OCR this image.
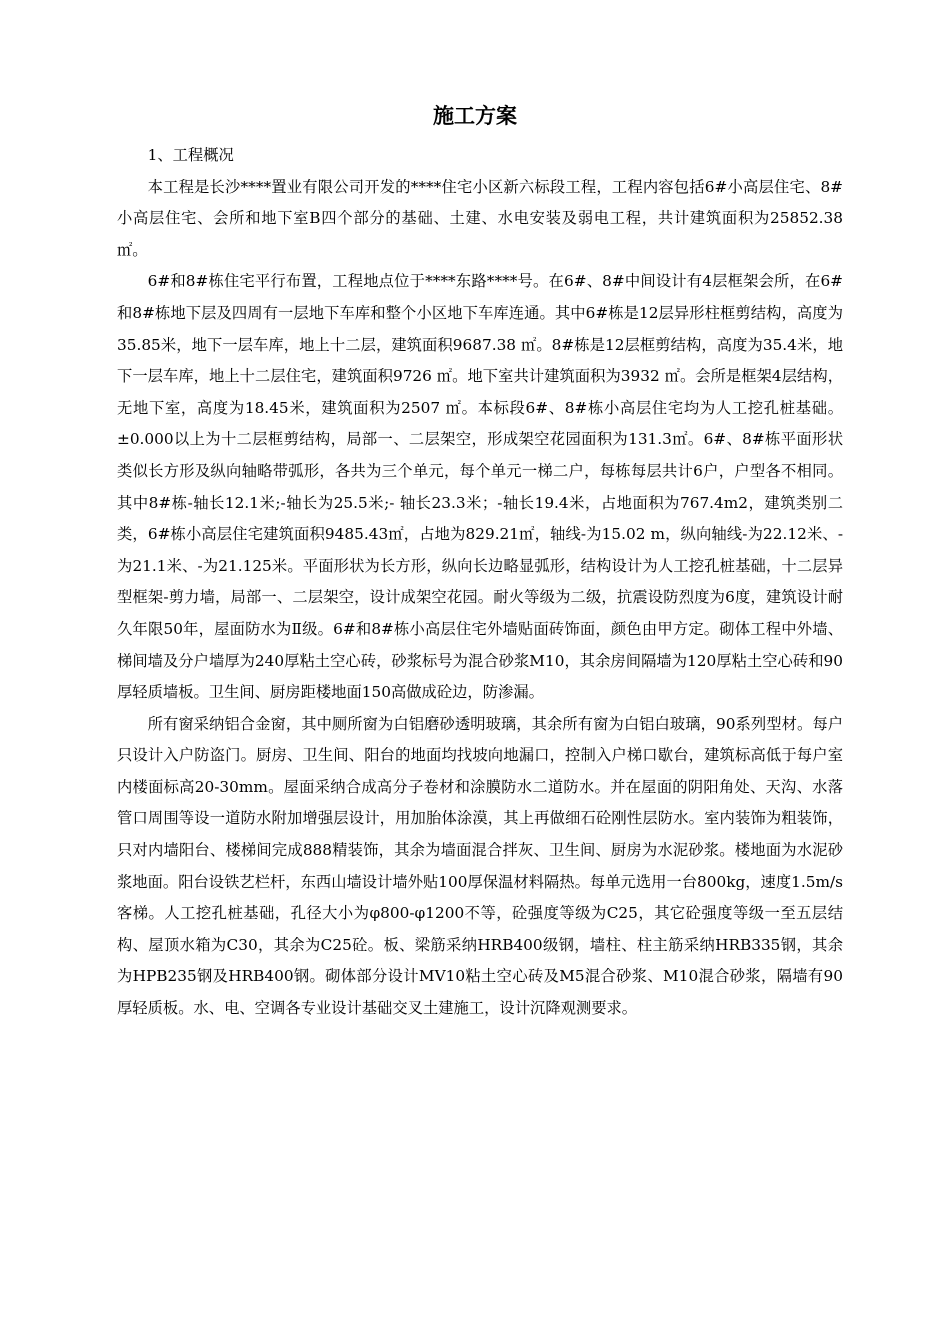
施工方案
1、工程概况

本工程是长沙****置业有限公司开发的****住宅小区新六标段工程，工程内容包括6#小高层住宅、8#小高层住宅、会所和地下室B四个部分的基础、土建、水电安装及弱电工程，共计建筑面积为25852.38㎡。

6#和8#栋住宅平行布置，工程地点位于****东路****号。在6#、8#中间设计有4层框架会所，在6#和8#栋地下层及四周有一层地下车库和整个小区地下车库连通。其中6#栋是12层异形柱框剪结构，高度为35.85米，地下一层车库，地上十二层，建筑面积9687.38 ㎡。8#栋是12层框剪结构，高度为35.4米，地下一层车库，地上十二层住宅，建筑面积9726 ㎡。地下室共计建筑面积为3932 ㎡。会所是框架4层结构，无地下室，高度为18.45米，建筑面积为2507 ㎡。本标段6#、8#栋小高层住宅均为人工挖孔桩基础。±0.000以上为十二层框剪结构，局部一、二层架空，形成架空花园面积为131.3㎡。6#、8#栋平面形状类似长方形及纵向轴略带弧形，各共为三个单元，每个单元一梯二户，每栋每层共计6户，户型各不相同。其中8#栋-轴长12.1米;-轴长为25.5米;- 轴长23.3米；-轴长19.4米，占地面积为767.4m2，建筑类别二类，6#栋小高层住宅建筑面积9485.43㎡，占地为829.21㎡，轴线-为15.02 m，纵向轴线-为22.12米、-为21.1米、-为21.125米。平面形状为长方形，纵向长边略显弧形，结构设计为人工挖孔桩基础，十二层异型框架-剪力墙，局部一、二层架空，设计成架空花园。耐火等级为二级，抗震设防烈度为6度，建筑设计耐久年限50年，屋面防水为Ⅱ级。6#和8#栋小高层住宅外墙贴面砖饰面，颜色由甲方定。砌体工程中外墙、梯间墙及分户墙厚为240厚粘土空心砖，砂浆标号为混合砂浆M10，其余房间隔墙为120厚粘土空心砖和90厚轻质墙板。卫生间、厨房距楼地面150高做成砼边，防渗漏。

所有窗采纳铝合金窗，其中厕所窗为白铝磨砂透明玻璃，其余所有窗为白铝白玻璃，90系列型材。每户只设计入户防盗门。厨房、卫生间、阳台的地面均找坡向地漏口，控制入户梯口歇台，建筑标高低于每户室内楼面标高20-30mm。屋面采纳合成高分子卷材和涂膜防水二道防水。并在屋面的阴阳角处、天沟、水落管口周围等设一道防水附加增强层设计，用加胎体涂漠，其上再做细石砼刚性层防水。室内装饰为粗装饰，只对内墙阳台、楼梯间完成888精装饰，其余为墙面混合拌灰、卫生间、厨房为水泥砂浆。楼地面为水泥砂浆地面。阳台设铁艺栏杆，东西山墙设计墙外贴100厚保温材料隔热。每单元选用一台800kg，速度1.5m/s客梯。人工挖孔桩基础，孔径大小为φ800-φ1200不等，砼强度等级为C25，其它砼强度等级一至五层结构、屋顶水箱为C30，其余为C25砼。板、梁筋采纳HRB400级钢，墙柱、柱主筋采纳HRB335钢，其余为HPB235钢及HRB400钢。砌体部分设计MV10粘土空心砖及M5混合砂浆、M10混合砂浆，隔墙有90厚轻质板。水、电、空调各专业设计基础交叉土建施工，设计沉降观测要求。
